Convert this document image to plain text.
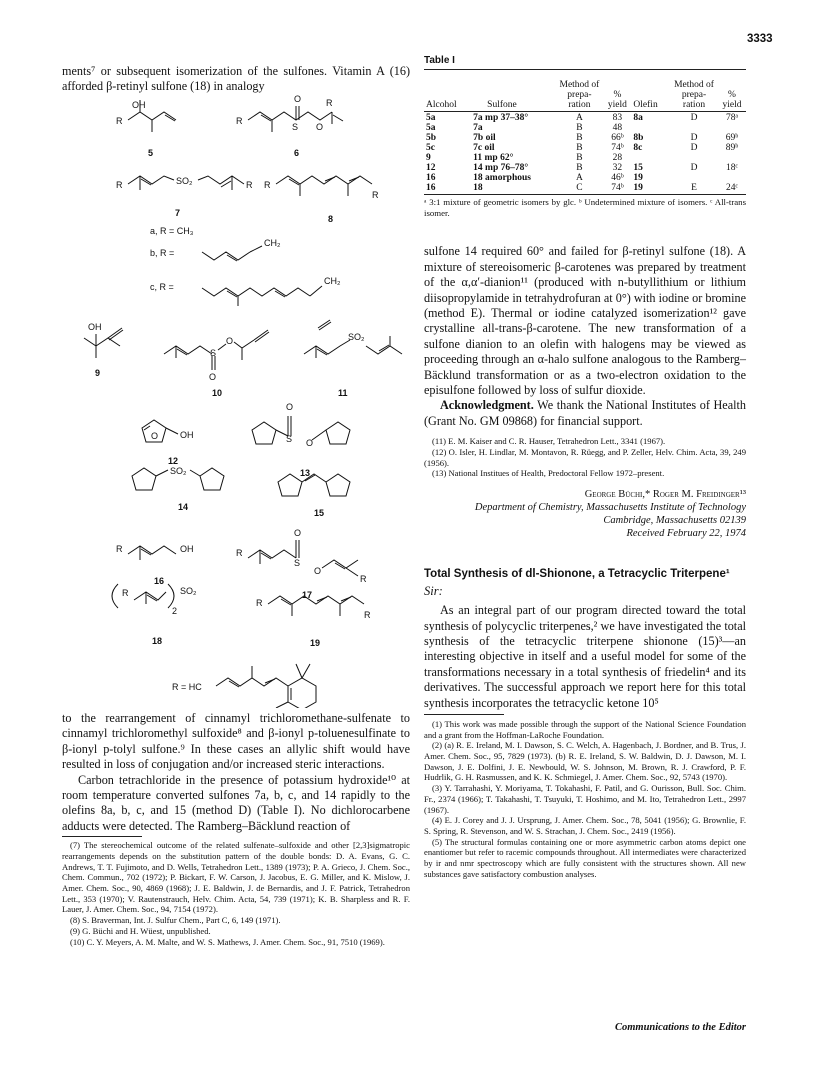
3333

ments⁷ or subsequent isomerization of the sulfones. Vitamin A (16) afforded β-retinyl sulfone (18) in analogy

OH
R
5
O
S O
R
R
6
R	SO₂	R
7
R
R
8
a, R = CH₃
b, R =
CH₂
c, R =
CH₂
OH
9
S
O
O
10
SO₂
11
O OH
12
O
S O
13
SO₂
14
15
R	OH
16
O
S
O
R
R
17
R	SO₂
2
18
R
R
19
R = HC

to the rearrangement of cinnamyl trichloromethane-sulfenate to cinnamyl trichloromethyl sulfoxide⁸ and β-ionyl p-toluenesulfinate to β-ionyl p-tolyl sulfone.⁹ In these cases an allylic shift would have resulted in loss of conjugation and/or increased steric interactions.

Carbon tetrachloride in the presence of potassium hydroxide¹⁰ at room temperature converted sulfones 7a, b, c, and 14 rapidly to the olefins 8a, b, c, and 15 (method D) (Table I). No dichlorocarbene adducts were detected. The Ramberg–Bäcklund reaction of

(7) The stereochemical outcome of the related sulfenate–sulfoxide and other [2,3]sigmatropic rearrangements depends on the substitution pattern of the double bonds: D. A. Evans, G. C. Andrews, T. T. Fujimoto, and D. Wells, Tetrahedron Lett., 1389 (1973); P. A. Grieco, J. Chem. Soc., Chem. Commun., 702 (1972); P. Bickart, F. W. Carson, J. Jacobus, E. G. Miller, and K. Mislow, J. Amer. Chem. Soc., 90, 4869 (1968); J. E. Baldwin, J. de Bernardis, and J. F. Patrick, Tetrahedron Lett., 353 (1970); V. Rautenstrauch, Helv. Chim. Acta, 54, 739 (1971); K. B. Sharpless and R. F. Lauer, J. Amer. Chem. Soc., 94, 7154 (1972).

(8) S. Braverman, Int. J. Sulfur Chem., Part C, 6, 149 (1971).

(9) G. Büchi and H. Wüest, unpublished.

(10) C. Y. Meyers, A. M. Malte, and W. S. Mathews, J. Amer. Chem. Soc., 91, 7510 (1969).

Table I
Alcohol	Sulfone	Method of prepa-ration	% yield	Olefin	Method of prepa-ration	% yield

5a	7a mp 37–38°	A	83	8a	D	78ᵃ
5a	7a	B	48			
5b	7b oil	B	66ᵇ	8b	D	69ᵇ
5c	7c oil	B	74ᵇ	8c	D	89ᵇ
9	11 mp 62°	B	28			
12	14 mp 76–78°	B	32	15	D	18ᶜ
16	18 amorphous	A	46ᵇ	19		
16	18	C	74ᵇ	19	E	24ᶜ

ᵃ 3:1 mixture of geometric isomers by glc. ᵇ Undetermined mixture of isomers. ᶜ All-trans isomer.

sulfone 14 required 60° and failed for β-retinyl sulfone (18). A mixture of stereoisomeric β-carotenes was prepared by treatment of the α,α′-dianion¹¹ (produced with n-butyllithium or lithium diisopropylamide in tetrahydrofuran at 0°) with iodine or bromine (method E). Thermal or iodine catalyzed isomerization¹² gave crystalline all-trans-β-carotene. The new transformation of a sulfone dianion to an olefin with halogens may be viewed as proceeding through an α-halo sulfone analogous to the Ramberg–Bäcklund transformation or as a two-electron oxidation to the episulfone followed by loss of sulfur dioxide.

Acknowledgment. We thank the National Institutes of Health (Grant No. GM 09868) for financial support.

(11) E. M. Kaiser and C. R. Hauser, Tetrahedron Lett., 3341 (1967).

(12) O. Isler, H. Lindlar, M. Montavon, R. Rüegg, and P. Zeller, Helv. Chim. Acta, 39, 249 (1956).

(13) National Institues of Health, Predoctoral Fellow 1972–present.

George Büchi,* Roger M. Freidinger¹³
Department of Chemistry, Massachusetts Institute of Technology
Cambridge, Massachusetts 02139
Received February 22, 1974
Total Synthesis of dl-Shionone, a Tetracyclic Triterpene¹
Sir:

As an integral part of our program directed toward the total synthesis of polycyclic triterpenes,² we have investigated the total synthesis of the tetracyclic triterpene shionone (15)³—an interesting objective in itself and a useful model for some of the transformations necessary in a total synthesis of friedelin⁴ and its derivatives. The successful approach we report here for this total synthesis incorporates the tetracyclic ketone 10⁵

(1) This work was made possible through the support of the National Science Foundation and a grant from the Hoffman-LaRoche Foundation.

(2) (a) R. E. Ireland, M. I. Dawson, S. C. Welch, A. Hagenbach, J. Bordner, and B. Trus, J. Amer. Chem. Soc., 95, 7829 (1973). (b) R. E. Ireland, S. W. Baldwin, D. J. Dawson, M. I. Dawson, J. E. Dolfini, J. E. Newbould, W. S. Johnson, M. Brown, R. J. Crawford, P. F. Hudrlik, G. H. Rasmussen, and K. K. Schmiegel, J. Amer. Chem. Soc., 92, 5743 (1970).

(3) Y. Tarrahashi, Y. Moriyama, T. Tokahashi, F. Patil, and G. Ourisson, Bull. Soc. Chim. Fr., 2374 (1966); T. Takahashi, T. Tsuyuki, T. Hoshimo, and M. Ito, Tetrahedron Lett., 2997 (1967).

(4) E. J. Corey and J. J. Ursprung, J. Amer. Chem. Soc., 78, 5041 (1956); G. Brownlie, F. S. Spring, R. Stevenson, and W. S. Strachan, J. Chem. Soc., 2419 (1956).

(5) The structural formulas containing one or more asymmetric carbon atoms depict one enantiomer but refer to racemic compounds throughout. All intermediates were characterized by ir and nmr spectroscopy which are fully consistent with the structures shown. All new substances gave satisfactory combustion analyses.

Communications to the Editor
